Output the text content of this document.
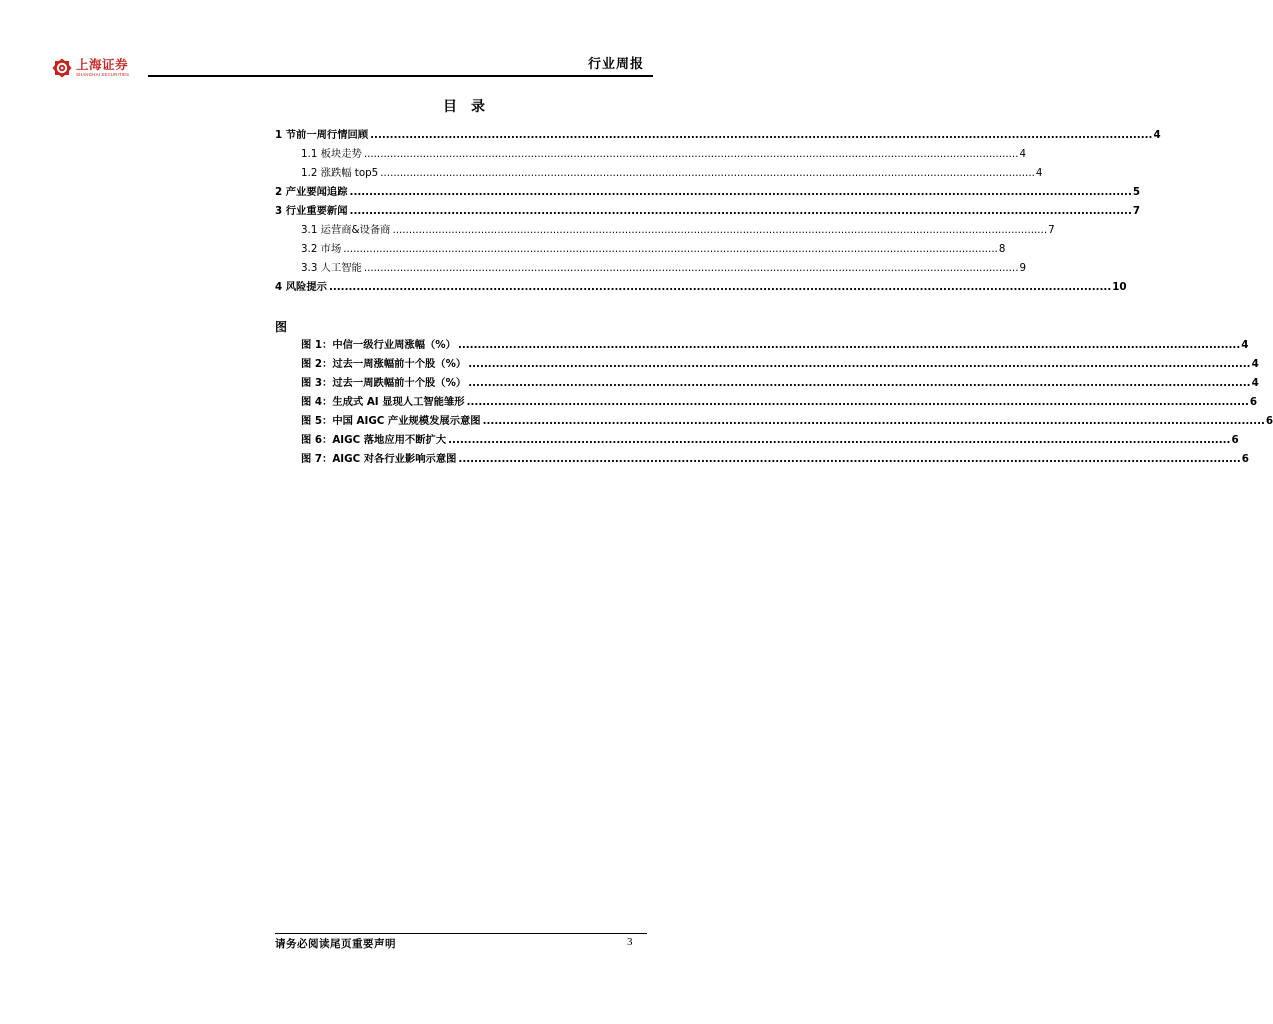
上海证券
SHANGHAI SECURITIES
行业周报
目录
1 节前一周行情回顾 ........................................................................................................................................................................................................ 4
1.1 板块走势 ........................................................................................................................................................................................................ 4
1.2 涨跌幅 top5 ........................................................................................................................................................................................................ 4
2 产业要闻追踪 ........................................................................................................................................................................................................ 5
3 行业重要新闻 ........................................................................................................................................................................................................ 7
3.1 运营商&设备商 ........................................................................................................................................................................................................ 7
3.2 市场 ........................................................................................................................................................................................................ 8
3.3 人工智能 ........................................................................................................................................................................................................ 9
4 风险提示 ........................................................................................................................................................................................................ 10
图
图 1：中信一级行业周涨幅（%） ........................................................................................................................................................................................................ 4
图 2：过去一周涨幅前十个股（%） ........................................................................................................................................................................................................ 4
图 3：过去一周跌幅前十个股（%） ........................................................................................................................................................................................................ 4
图 4：生成式 AI 显现人工智能雏形 ........................................................................................................................................................................................................ 6
图 5：中国 AIGC 产业规模发展示意图 ........................................................................................................................................................................................................ 6
图 6：AIGC 落地应用不断扩大 ........................................................................................................................................................................................................ 6
图 7：AIGC 对各行业影响示意图 ........................................................................................................................................................................................................ 6
请务必阅读尾页重要声明	3
